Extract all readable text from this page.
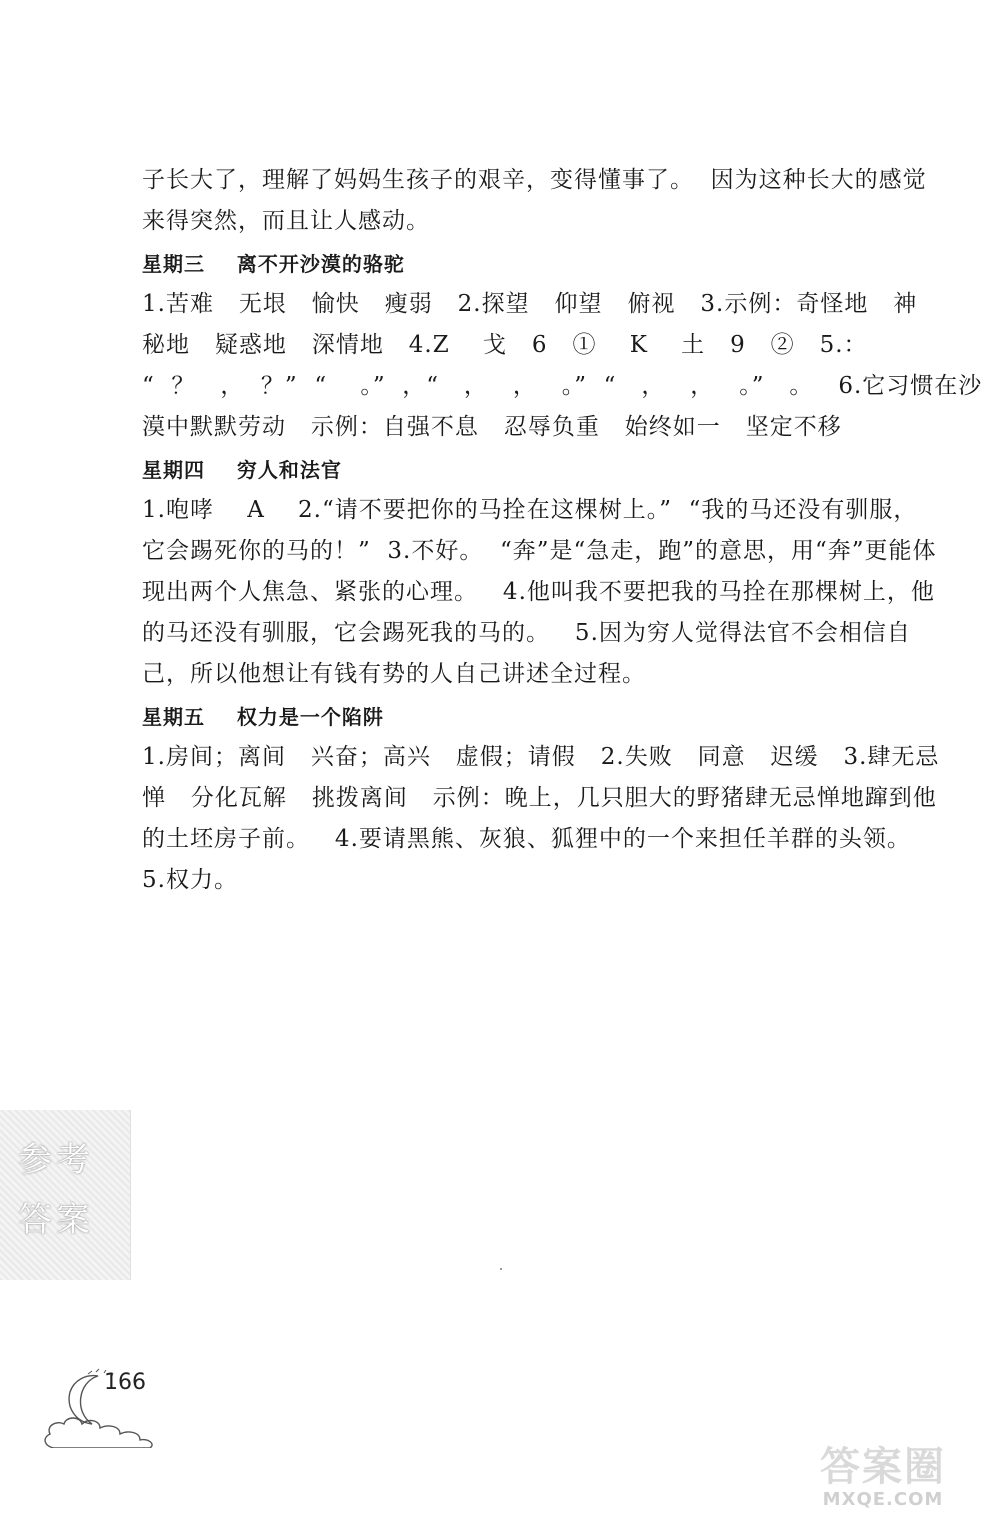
子长大了，理解了妈妈生孩子的艰辛，变得懂事了。  因为这种长大的感觉
来得突然，而且让人感动。
星期三    离不开沙漠的骆驼
1.苦难   无垠   愉快   瘦弱   2.探望   仰望   俯视   3.示例：奇怪地   神
秘地   疑惑地   深情地   4.Z    戈   6   ①    K    土   9   ②   5.：
“  ？   ，  ？”  “    。”  ，“   ，   ，   。”  “   ，   ，   。”   。   6.它习惯在沙
漠中默默劳动   示例：自强不息   忍辱负重   始终如一   坚定不移
星期四    穷人和法官
1.咆哮    A    2.“请不要把你的马拴在这棵树上。”  “我的马还没有驯服，
它会踢死你的马的！”  3.不好。  “奔”是“急走，跑”的意思，用“奔”更能体
现出两个人焦急、紧张的心理。   4.他叫我不要把我的马拴在那棵树上，他
的马还没有驯服，它会踢死我的马的。   5.因为穷人觉得法官不会相信自
己，所以他想让有钱有势的人自己讲述全过程。
星期五    权力是一个陷阱
1.房间；离间   兴奋；高兴   虚假；请假   2.失败   同意   迟缓   3.肆无忌
惮   分化瓦解   挑拨离间   示例：晚上，几只胆大的野猪肆无忌惮地蹿到他
的土坯房子前。   4.要请黑熊、灰狼、狐狸中的一个来担任羊群的头领。
5.权力。
参考答案
166
答案圈
MXQE.COM
